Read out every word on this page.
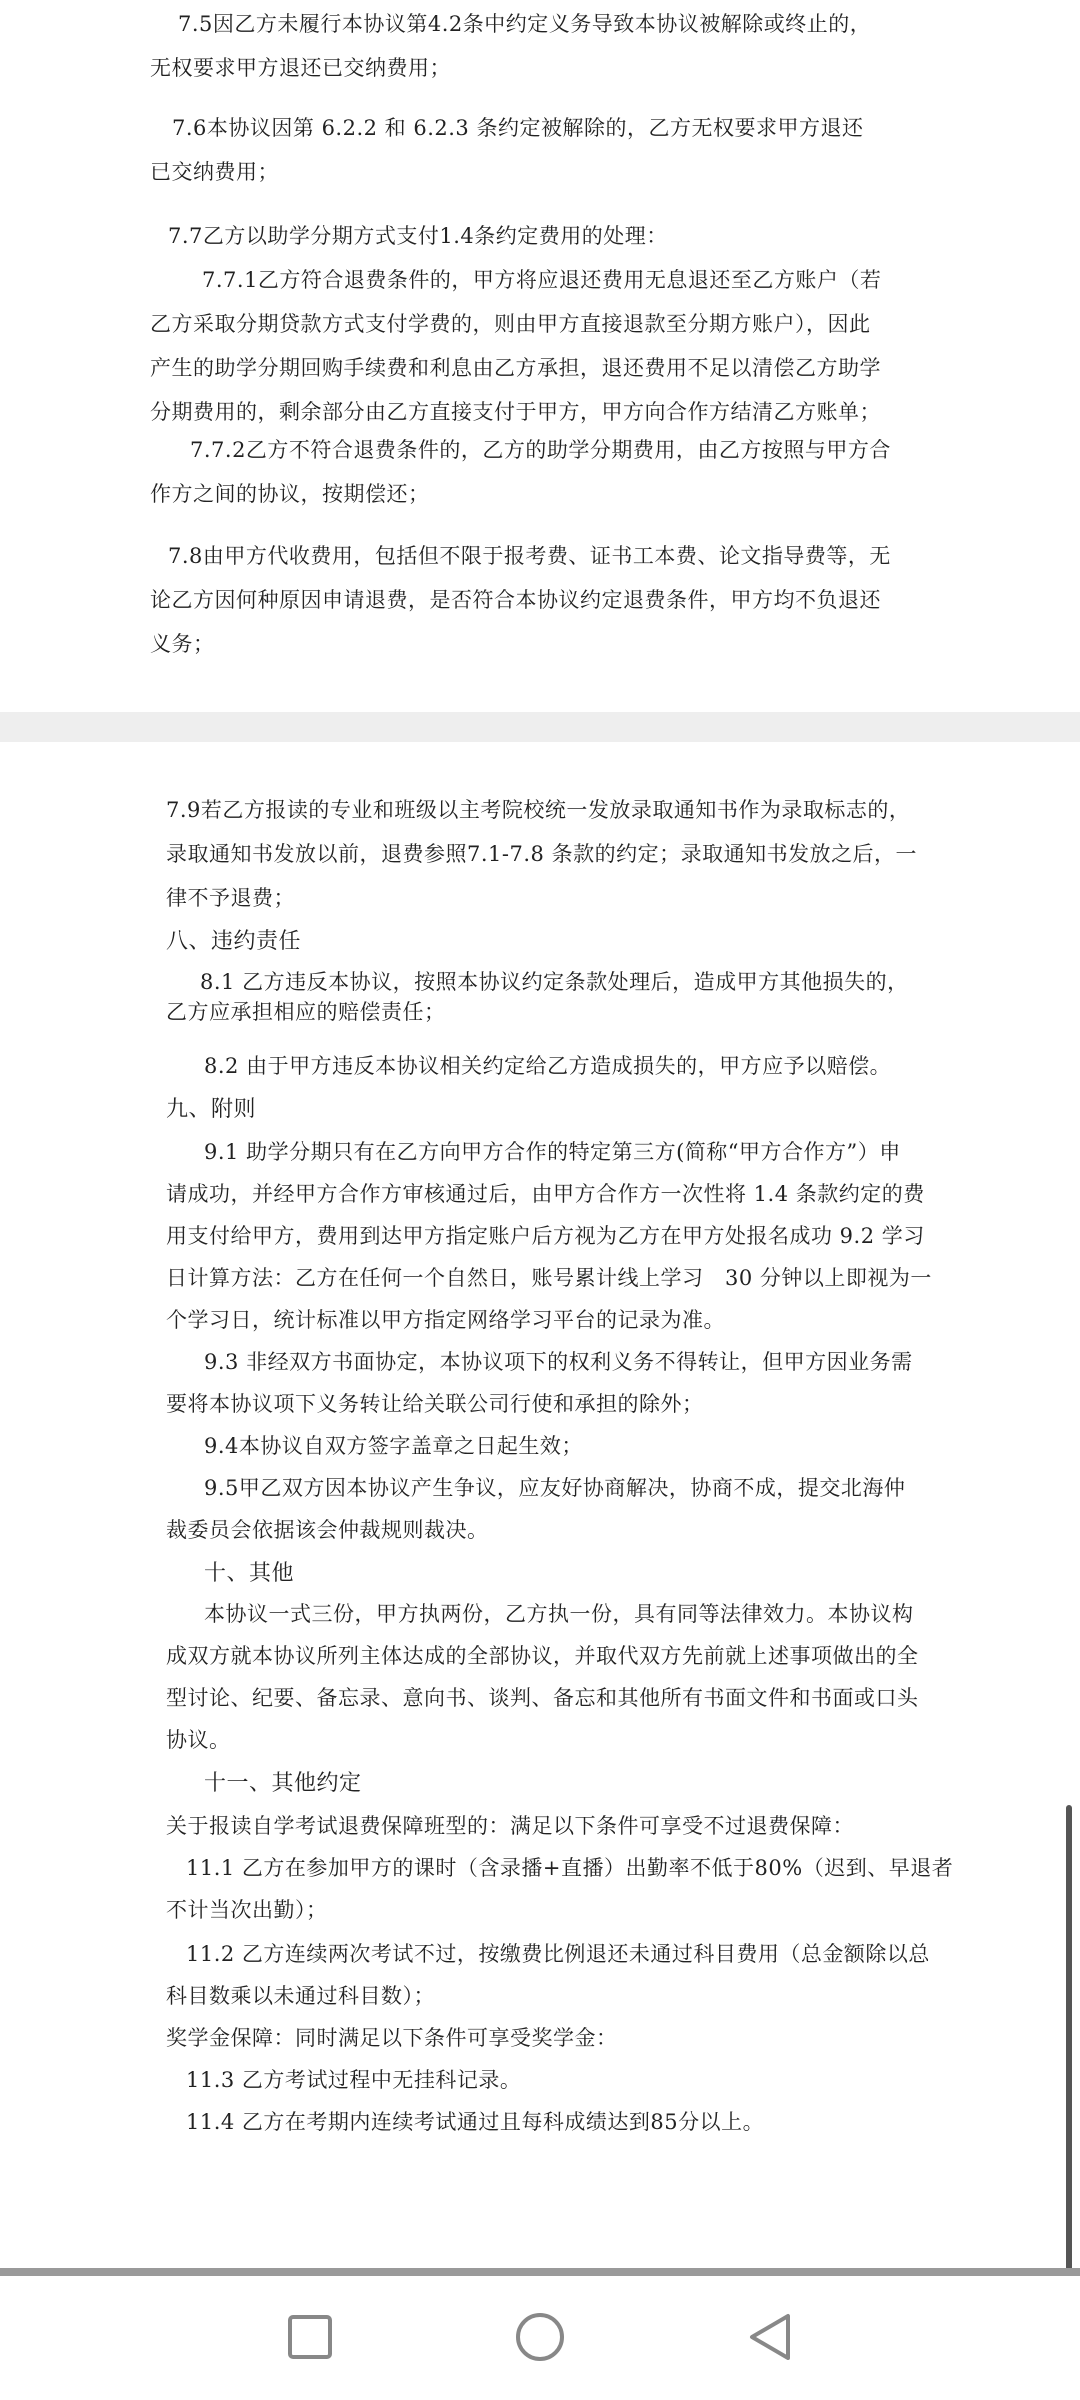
7.5因乙方未履行本协议第4.2条中约定义务导致本协议被解除或终止的，
无权要求甲方退还已交纳费用；
7.6本协议因第 6.2.2 和 6.2.3 条约定被解除的，乙方无权要求甲方退还
已交纳费用；
7.7乙方以助学分期方式支付1.4条约定费用的处理：
7.7.1乙方符合退费条件的，甲方将应退还费用无息退还至乙方账户（若
乙方采取分期贷款方式支付学费的，则由甲方直接退款至分期方账户），因此
产生的助学分期回购手续费和利息由乙方承担，退还费用不足以清偿乙方助学
分期费用的，剩余部分由乙方直接支付于甲方，甲方向合作方结清乙方账单；
7.7.2乙方不符合退费条件的，乙方的助学分期费用，由乙方按照与甲方合
作方之间的协议，按期偿还；
7.8由甲方代收费用，包括但不限于报考费、证书工本费、论文指导费等，无
论乙方因何种原因申请退费，是否符合本协议约定退费条件，甲方均不负退还
义务；
7.9若乙方报读的专业和班级以主考院校统一发放录取通知书作为录取标志的，
录取通知书发放以前，退费参照7.1-7.8 条款的约定；录取通知书发放之后，一
律不予退费；
八、违约责任
8.1 乙方违反本协议，按照本协议约定条款处理后，造成甲方其他损失的，
乙方应承担相应的赔偿责任；
8.2 由于甲方违反本协议相关约定给乙方造成损失的，甲方应予以赔偿。
九、附则
9.1 助学分期只有在乙方向甲方合作的特定第三方(简称“甲方合作方”）申
请成功，并经甲方合作方审核通过后，由甲方合作方一次性将 1.4 条款约定的费
用支付给甲方，费用到达甲方指定账户后方视为乙方在甲方处报名成功 9.2 学习
日计算方法：乙方在任何一个自然日，账号累计线上学习　30 分钟以上即视为一
个学习日，统计标准以甲方指定网络学习平台的记录为准。
9.3 非经双方书面协定，本协议项下的权利义务不得转让，但甲方因业务需
要将本协议项下义务转让给关联公司行使和承担的除外；
9.4本协议自双方签字盖章之日起生效；
9.5甲乙双方因本协议产生争议，应友好协商解决，协商不成，提交北海仲
裁委员会依据该会仲裁规则裁决。
十、其他
本协议一式三份，甲方执两份，乙方执一份，具有同等法律效力。本协议构
成双方就本协议所列主体达成的全部协议，并取代双方先前就上述事项做出的全
型讨论、纪要、备忘录、意向书、谈判、备忘和其他所有书面文件和书面或口头
协议。
十一、其他约定
关于报读自学考试退费保障班型的：满足以下条件可享受不过退费保障：
11.1 乙方在参加甲方的课时（含录播+直播）出勤率不低于80%（迟到、早退者
不计当次出勤）；
11.2 乙方连续两次考试不过，按缴费比例退还未通过科目费用（总金额除以总
科目数乘以未通过科目数）；
奖学金保障：同时满足以下条件可享受奖学金：
11.3 乙方考试过程中无挂科记录。
11.4 乙方在考期内连续考试通过且每科成绩达到85分以上。
